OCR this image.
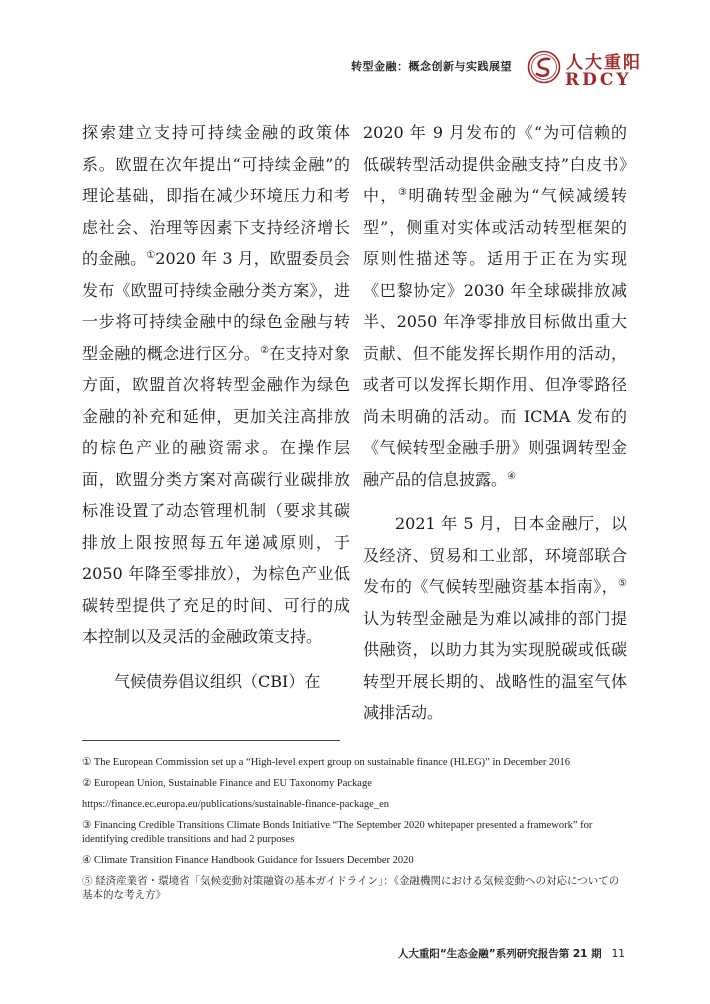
转型金融：概念创新与实践展望	人大重阳
RDCY

探索建立支持可持续金融的政策体系。欧盟在次年提出“可持续金融”的理论基础，即指在减少环境压力和考虑社会、治理等因素下支持经济增长的金融。①2020 年 3 月，欧盟委员会发布《欧盟可持续金融分类方案》，进一步将可持续金融中的绿色金融与转型金融的概念进行区分。②在支持对象方面，欧盟首次将转型金融作为绿色金融的补充和延伸，更加关注高排放的棕色产业的融资需求。在操作层面，欧盟分类方案对高碳行业碳排放标准设置了动态管理机制（要求其碳排放上限按照每五年递减原则，于 2050 年降至零排放），为棕色产业低碳转型提供了充足的时间、可行的成本控制以及灵活的金融政策支持。

气候债券倡议组织（CBI）在

2020 年 9 月发布的《“为可信赖的低碳转型活动提供金融支持”白皮书》中，③明确转型金融为“气候减缓转型”，侧重对实体或活动转型框架的原则性描述等。适用于正在为实现《巴黎协定》2030 年全球碳排放减半、2050 年净零排放目标做出重大贡献、但不能发挥长期作用的活动，或者可以发挥长期作用、但净零路径尚未明确的活动。而 ICMA 发布的《气候转型金融手册》则强调转型金融产品的信息披露。④

2021 年 5 月，日本金融厅，以及经济、贸易和工业部，环境部联合发布的《气候转型融资基本指南》，⑤认为转型金融是为难以减排的部门提供融资，以助力其为实现脱碳或低碳转型开展长期的、战略性的温室气体减排活动。

① The European Commission set up a “High-level expert group on sustainable finance (HLEG)” in December 2016

② European Union, Sustainable Finance and EU Taxonomy Package

https://finance.ec.europa.eu/publications/sustainable-finance-package_en

③ Financing Credible Transitions Climate Bonds Initiative “The September 2020 whitepaper presented a framework” for identifying credible transitions and had 2 purposes

④ Climate Transition Finance Handbook Guidance for Issuers December 2020

⑤ 経済産業省・環境省「気候変動対策融資の基本ガイドライン」：《金融機関における気候変動への対応についての基本的な考え方》

人大重阳“生态金融”系列研究报告第 21 期 11
